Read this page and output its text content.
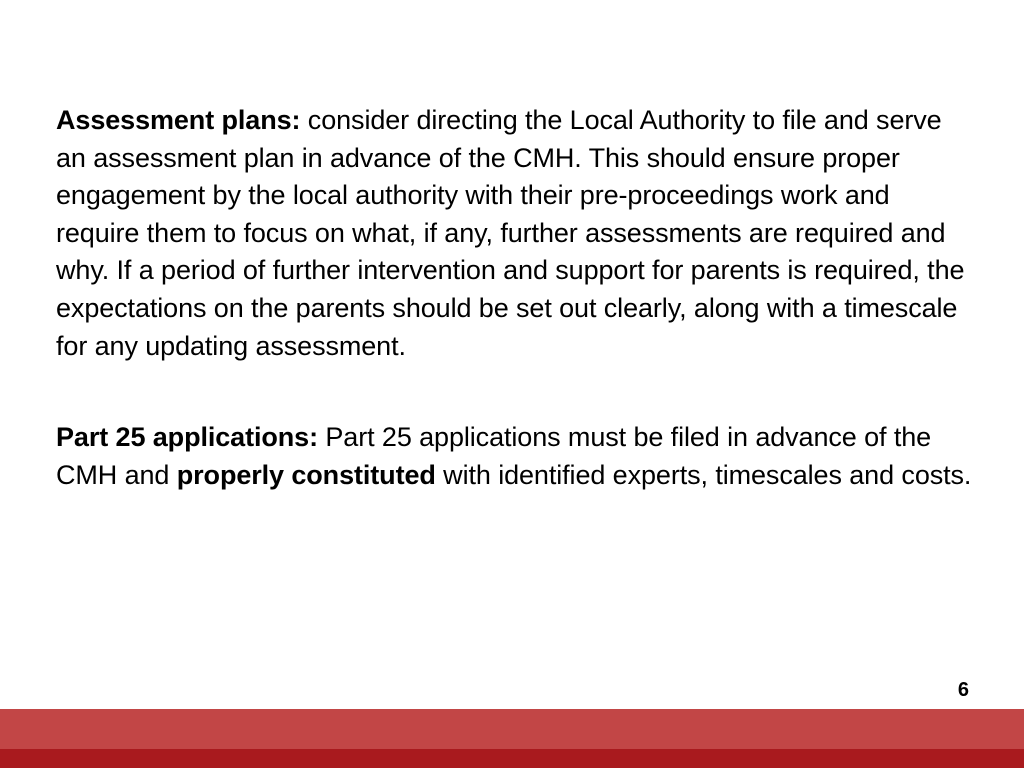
Assessment plans: consider directing the Local Authority to file and serve an assessment plan in advance of the CMH. This should ensure proper engagement by the local authority with their pre-proceedings work and require them to focus on what, if any, further assessments are required and why. If a period of further intervention and support for parents is required, the expectations on the parents should be set out clearly, along with a timescale for any updating assessment.

Part 25 applications: Part 25 applications must be filed in advance of the CMH and properly constituted with identified experts, timescales and costs.

6
